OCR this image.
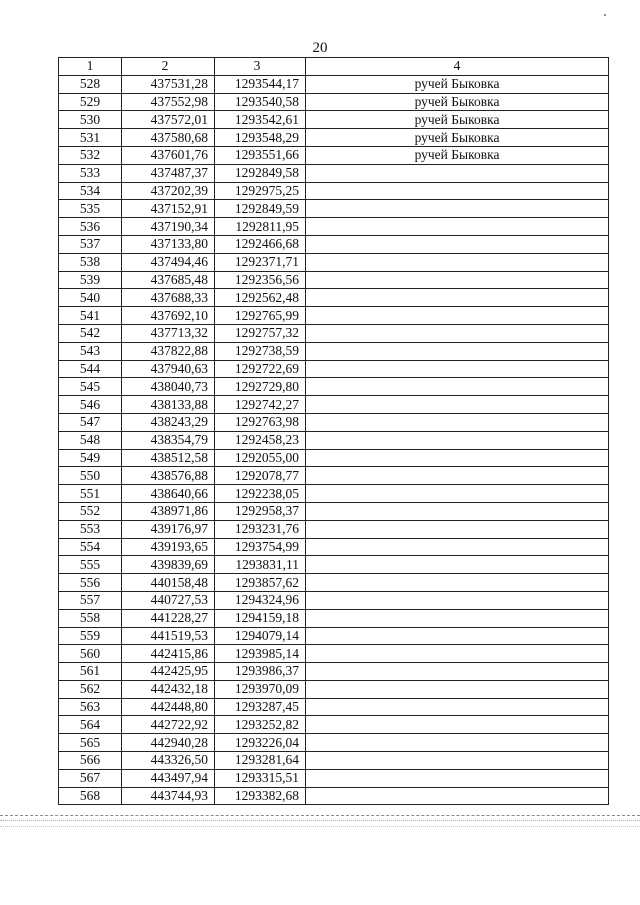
20
1	2	3	4
528	437531,28	1293544,17	ручей Быковка
529	437552,98	1293540,58	ручей Быковка
530	437572,01	1293542,61	ручей Быковка
531	437580,68	1293548,29	ручей Быковка
532	437601,76	1293551,66	ручей Быковка
533	437487,37	1292849,58	
534	437202,39	1292975,25	
535	437152,91	1292849,59	
536	437190,34	1292811,95	
537	437133,80	1292466,68	
538	437494,46	1292371,71	
539	437685,48	1292356,56	
540	437688,33	1292562,48	
541	437692,10	1292765,99	
542	437713,32	1292757,32	
543	437822,88	1292738,59	
544	437940,63	1292722,69	
545	438040,73	1292729,80	
546	438133,88	1292742,27	
547	438243,29	1292763,98	
548	438354,79	1292458,23	
549	438512,58	1292055,00	
550	438576,88	1292078,77	
551	438640,66	1292238,05	
552	438971,86	1292958,37	
553	439176,97	1293231,76	
554	439193,65	1293754,99	
555	439839,69	1293831,11	
556	440158,48	1293857,62	
557	440727,53	1294324,96	
558	441228,27	1294159,18	
559	441519,53	1294079,14	
560	442415,86	1293985,14	
561	442425,95	1293986,37	
562	442432,18	1293970,09	
563	442448,80	1293287,45	
564	442722,92	1293252,82	
565	442940,28	1293226,04	
566	443326,50	1293281,64	
567	443497,94	1293315,51	
568	443744,93	1293382,68	
